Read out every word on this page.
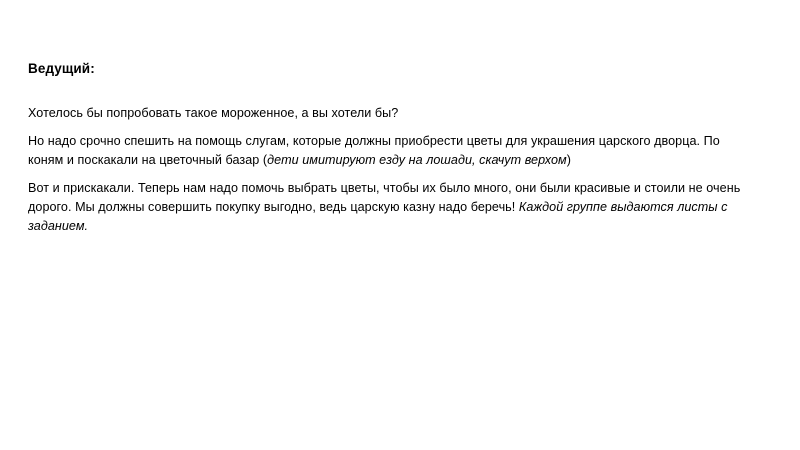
Ведущий:

Хотелось бы попробовать такое мороженное, а вы хотели бы?

Но надо срочно спешить на помощь слугам, которые должны приобрести цветы для украшения царского дворца. По коням и поскакали на цветочный базар (дети имитируют езду на лошади, скачут верхом)

Вот и прискакали. Теперь нам надо помочь выбрать цветы, чтобы их было много, они были красивые и стоили не очень дорого. Мы должны совершить покупку выгодно, ведь царскую казну надо беречь! Каждой группе выдаются листы с заданием.
